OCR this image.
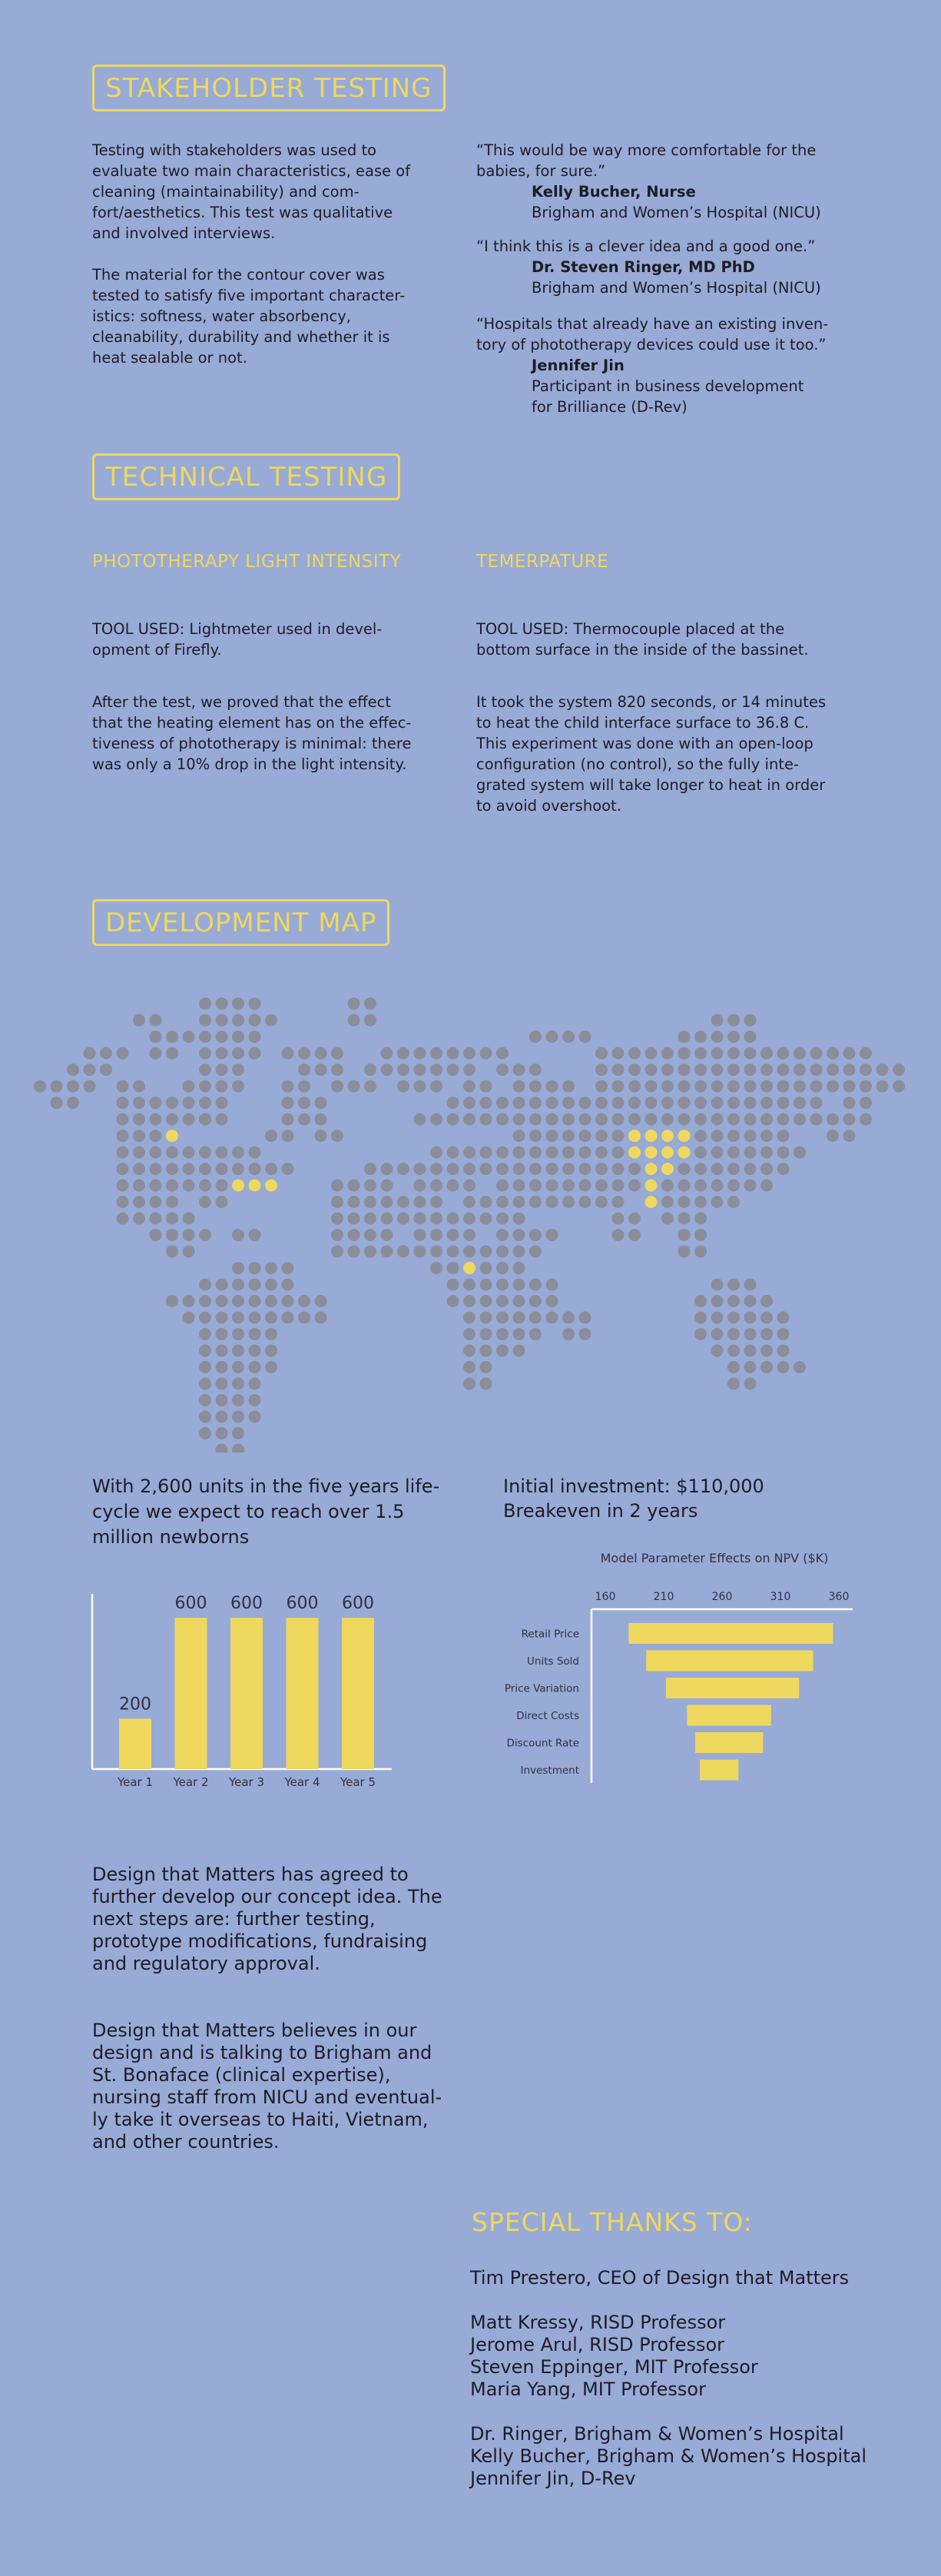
STAKEHOLDER TESTING

Testing with stakeholders was used to evaluate two main characteristics, ease of cleaning (maintainability) and com-fort/aesthetics. This test was qualitative and involved interviews.

The material for the contour cover was tested to satisfy five important character-istics: softness, water absorbency, cleanability, durability and whether it is heat sealable or not.

“This would be way more comfortable for the babies, for sure.”
Kelly Bucher, Nurse
Brigham and Women’s Hospital (NICU)
“I think this is a clever idea and a good one.”
Dr. Steven Ringer, MD PhD
Brigham and Women’s Hospital (NICU)
“Hospitals that already have an existing inven-tory of phototherapy devices could use it too.”
Jennifer Jin
Participant in business development for Brilliance (D-Rev)
TECHNICAL TESTING
PHOTOTHERAPY LIGHT INTENSITY	TEMERPATURE

TOOL USED: Lightmeter used in devel-opment of Firefly.

After the test, we proved that the effect that the heating element has on the effec-tiveness of phototherapy is minimal: there was only a 10% drop in the light intensity.

TOOL USED: Thermocouple placed at the bottom surface in the inside of the bassinet.

It took the system 820 seconds, or 14 minutes to heat the child interface surface to 36.8 C. This experiment was done with an open-loop configuration (no control), so the fully inte-grated system will take longer to heat in order to avoid overshoot.

DEVELOPMENT MAP
With 2,600 units in the five years life-cycle we expect to reach over 1.5 million newborns
Initial investment: $110,000
Breakeven in 2 years
200
Year 1
600
Year 2
600
Year 3
600
Year 4
600
Year 5
Model Parameter Effects on NPV ($K)
160	210	260	310	360
Retail Price
Units Sold
Price Variation
Direct Costs
Discount Rate
Investment
Design that Matters has agreed to further develop our concept idea. The next steps are: further testing, prototype modifications, fundraising and regulatory approval.
Design that Matters believes in our design and is talking to Brigham and St. Bonaface (clinical expertise), nursing staff from NICU and eventual-ly take it overseas to Haiti, Vietnam, and other countries.
SPECIAL THANKS TO:
Tim Prestero, CEO of Design that Matters
Matt Kressy, RISD Professor
Jerome Arul, RISD Professor
Steven Eppinger, MIT Professor
Maria Yang, MIT Professor
Dr. Ringer, Brigham & Women’s Hospital
Kelly Bucher, Brigham & Women’s Hospital
Jennifer Jin, D-Rev
